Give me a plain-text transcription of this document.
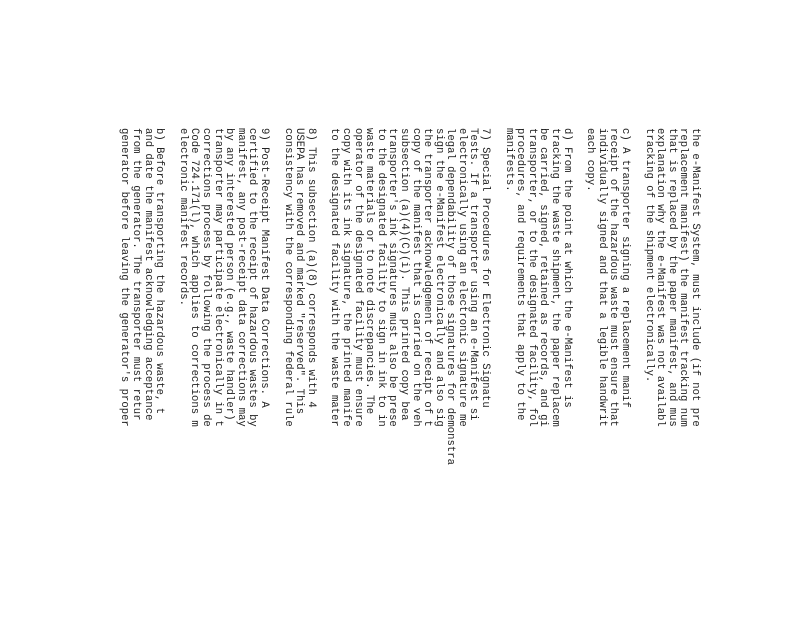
the e-Manifest System, must include (if not pre
replacement manifest) the manifest tracking num
that is replaced by the paper manifest, and mus
explanation why the e-Manifest was not availabl
tracking of the shipment electronically.
c) A transporter signing a replacement manif
receipt of the hazardous waste must ensure that
individually signed and that a legible handwrit
each copy.
d) From the point at which the e-Manifest is
tracking the waste shipment, the paper replacem
be carried, signed, retained as records, and gi
transporter, or to the designated facility, fol
procedures, and requirements that apply to the
manifests.
7) Special Procedures for Electronic Signatu
Tests. If a transporter using an e-Manifest si
electronically using an electronic signature me
legal dependability of those signatures for demonstra
sign the e-Manifest electronically and also sig
the transporter acknowledgement of receipt of t
copy of the manifest that is carried on the veh
subsection (a)(4)(C)(i). This printed copy bea
transporter's ink signatures must also be prese
to the designated facility to sign in ink to in
waste materials or to note discrepancies. The
operator of the designated facility must ensure
copy with its ink signature, the printed manife
to the designated facility with the waste mater
8) This subsection (a)(8) corresponds with 4
USEPA has removed and marked "reserved". This
consistency with the corresponding federal rule
9) Post-Receipt Manifest Data Corrections. A
certified to the receipt of hazardous wastes by
manifest, any post-receipt data corrections may
by any interested person (e.g., waste handler)
transporter may participate electronically in t
corrections process by following the process de
Code 724.171(l), which applies to corrections m
electronic manifest records.
b) Before transporting the hazardous waste, t
and date the manifest acknowledging acceptance
from the generator. The transporter must retur
generator before leaving the generator's proper
